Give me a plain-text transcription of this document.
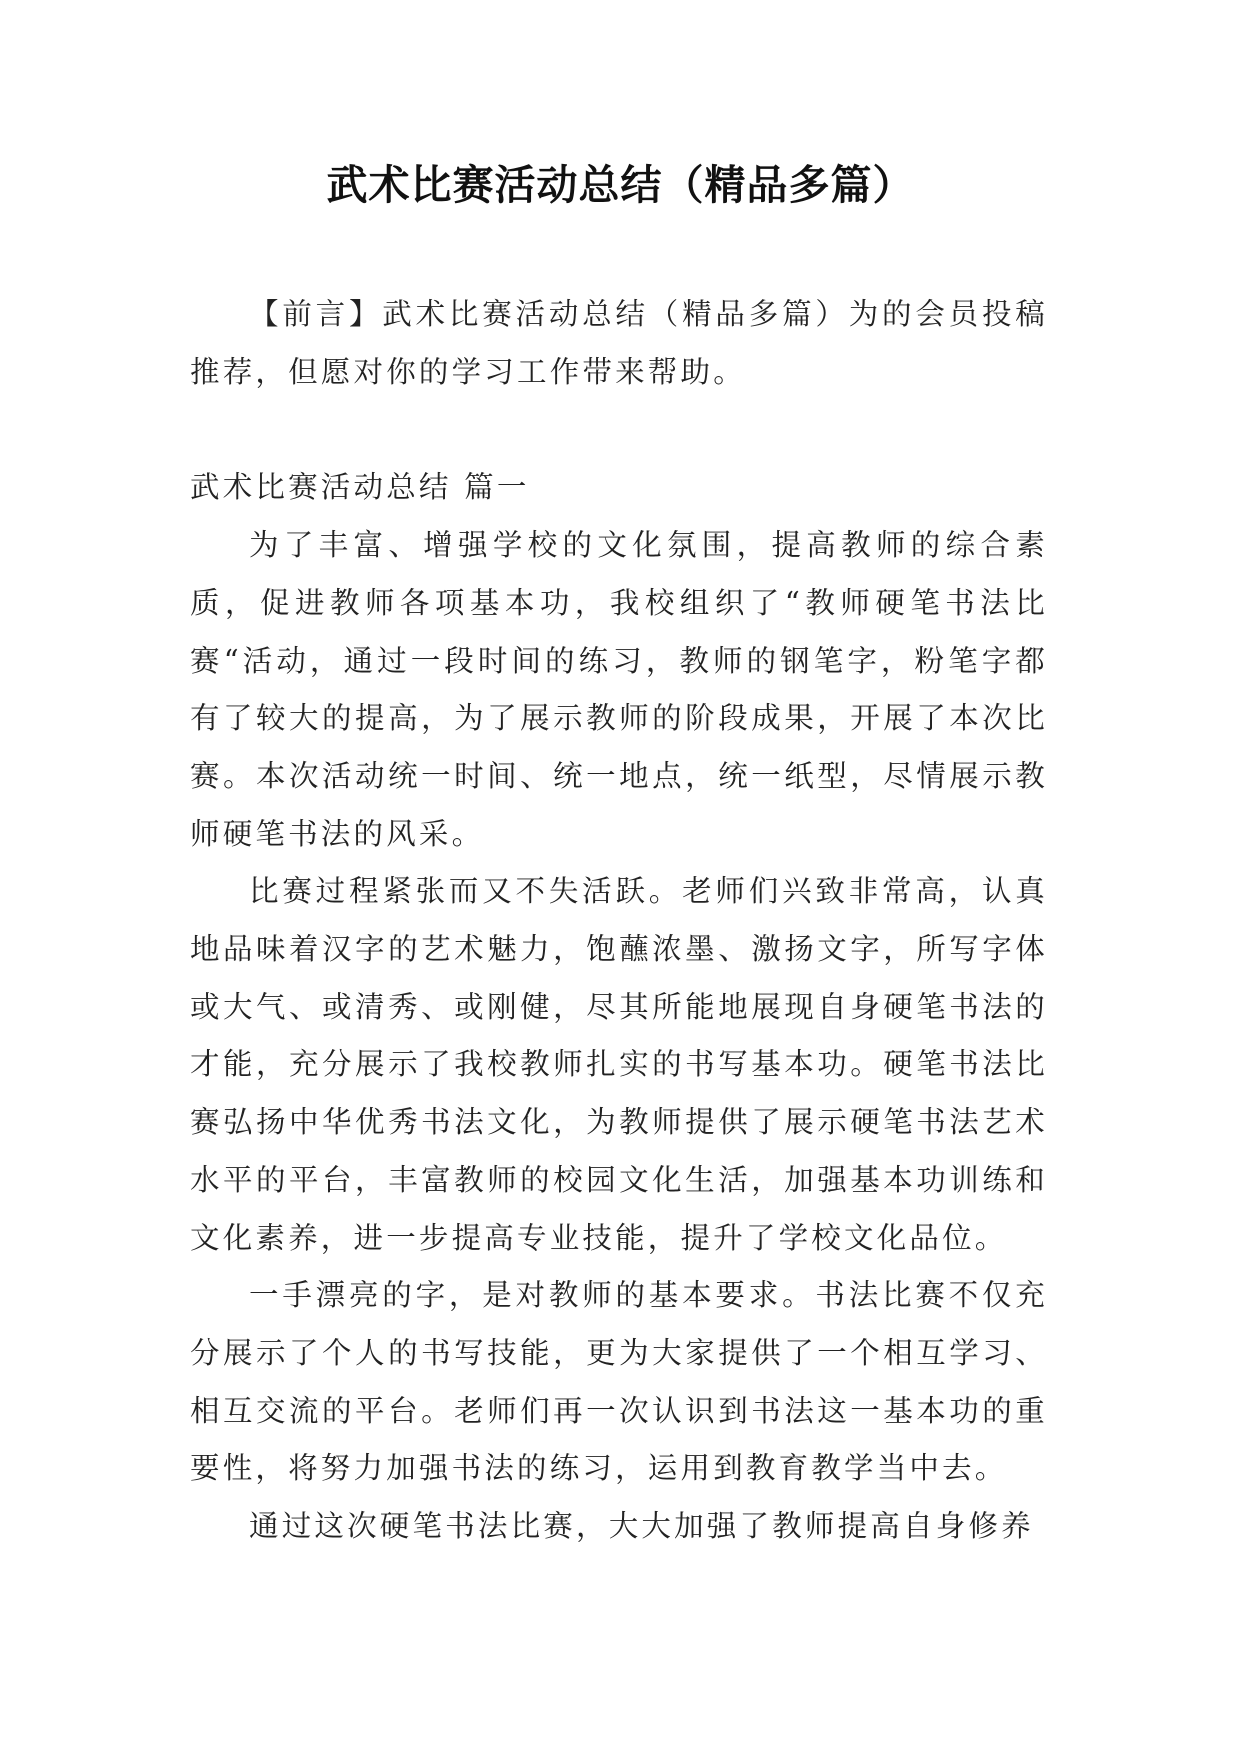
武术比赛活动总结（精品多篇）

【前言】武术比赛活动总结（精品多篇）为的会员投稿推荐，但愿对你的学习工作带来帮助。

武术比赛活动总结 篇一

为了丰富、增强学校的文化氛围，提高教师的综合素质，促进教师各项基本功，我校组织了“教师硬笔书法比赛“活动，通过一段时间的练习，教师的钢笔字，粉笔字都有了较大的提高，为了展示教师的阶段成果，开展了本次比赛。本次活动统一时间、统一地点，统一纸型，尽情展示教师硬笔书法的风采。

比赛过程紧张而又不失活跃。老师们兴致非常高，认真地品味着汉字的艺术魅力，饱蘸浓墨、激扬文字，所写字体或大气、或清秀、或刚健，尽其所能地展现自身硬笔书法的才能，充分展示了我校教师扎实的书写基本功。硬笔书法比赛弘扬中华优秀书法文化，为教师提供了展示硬笔书法艺术水平的平台，丰富教师的校园文化生活，加强基本功训练和文化素养，进一步提高专业技能，提升了学校文化品位。

一手漂亮的字，是对教师的基本要求。书法比赛不仅充分展示了个人的书写技能，更为大家提供了一个相互学习、相互交流的平台。老师们再一次认识到书法这一基本功的重要性，将努力加强书法的练习，运用到教育教学当中去。

通过这次硬笔书法比赛，大大加强了教师提高自身修养
